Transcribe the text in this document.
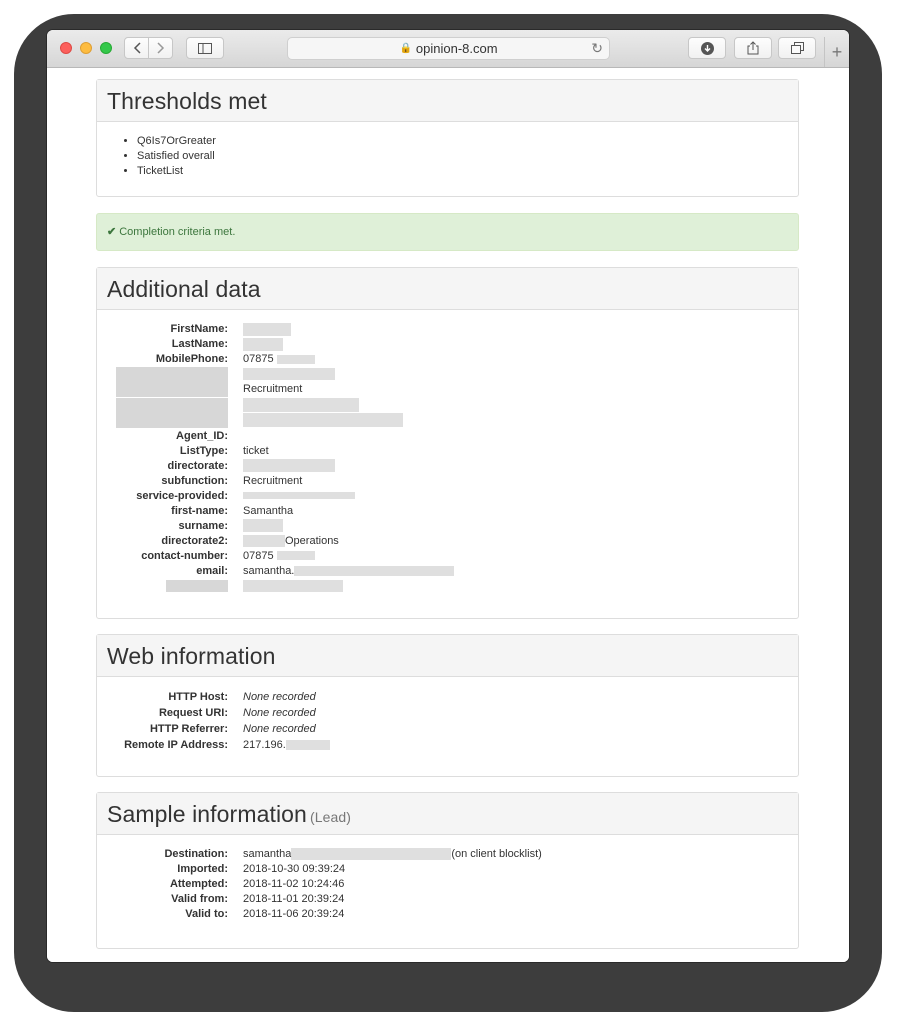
🔒 opinion-8.com	↻	+
Thresholds met
• Q6Is7OrGreater
• Satisfied overall
• TicketList
✔ Completion criteria met.
Additional data
FirstName:
LastName:
MobilePhone:	07875
Recruitment
Agent_ID:
ListType:	ticket
directorate:
subfunction:	Recruitment
service-provided:
first-name:	Samantha
surname:
directorate2:	Operations
contact-number:	07875
email:	samantha.
Web information
HTTP Host:	None recorded
Request URI:	None recorded
HTTP Referrer:	None recorded
Remote IP Address:	217.196.
Sample information (Lead)
Destination:	samantha	(on client blocklist)
Imported:	2018-10-30 09:39:24
Attempted:	2018-11-02 10:24:46
Valid from:	2018-11-01 20:39:24
Valid to:	2018-11-06 20:39:24
